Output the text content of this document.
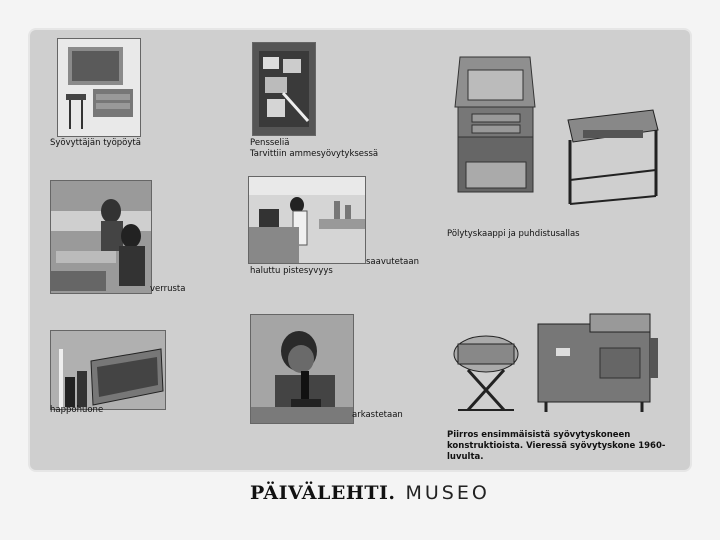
Syövyttäjän työpöytä	Pensseliä
Tarvittiin ammesyövytyksessä
Pölytyskaappi ja puhdistusallas
verrusta
saavutetaan
haluttu pistesyvyys
happohuone	arkastetaan
Piirros ensimmäisistä syövytyskoneen
konstruktioista. Vieressä syövytyskone 1960-
luvulta.
PÄIVÄLEHTI. MUSEO
